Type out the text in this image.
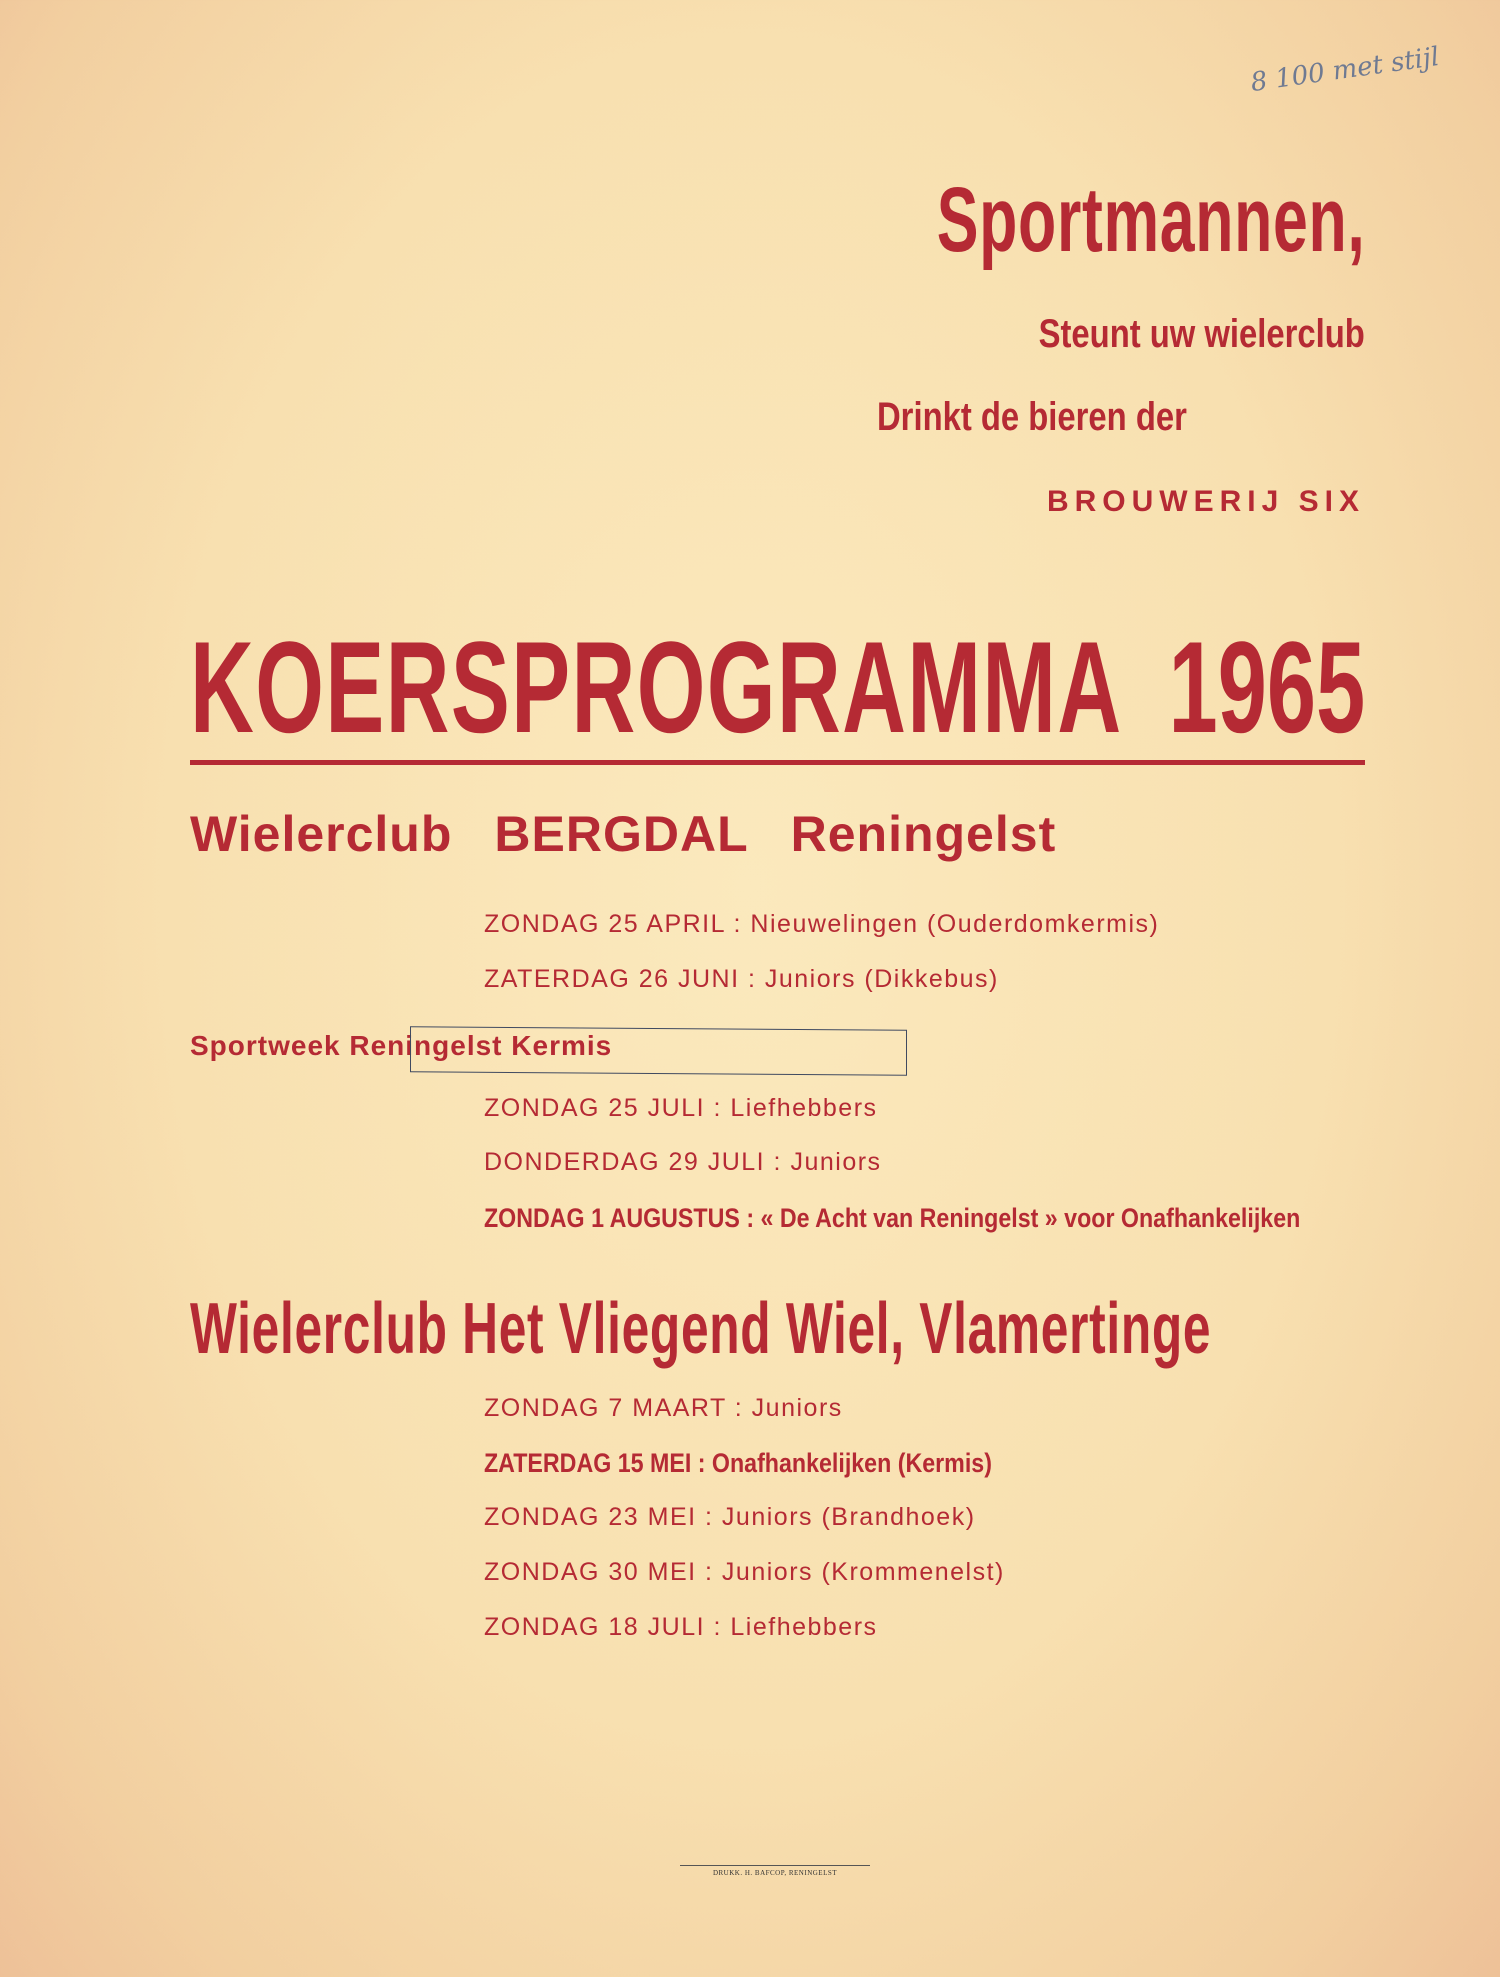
8 100 met stijl
Sportmannen,
Steunt uw wielerclub
Drinkt de bieren der
BROUWERIJ SIX
KOERSPROGRAMMA 1965
Wielerclub BERGDAL Reningelst
ZONDAG 25 APRIL : Nieuwelingen (Ouderdomkermis)
ZATERDAG 26 JUNI : Juniors (Dikkebus)
Sportweek Reningelst Kermis
ZONDAG 25 JULI : Liefhebbers
DONDERDAG 29 JULI : Juniors
ZONDAG 1 AUGUSTUS : « De Acht van Reningelst » voor Onafhankelijken
Wielerclub Het Vliegend Wiel, Vlamertinge
ZONDAG 7 MAART : Juniors
ZATERDAG 15 MEI : Onafhankelijken (Kermis)
ZONDAG 23 MEI : Juniors (Brandhoek)
ZONDAG 30 MEI : Juniors (Krommenelst)
ZONDAG 18 JULI : Liefhebbers
DRUKK. H. BAFCOP, RENINGELST
